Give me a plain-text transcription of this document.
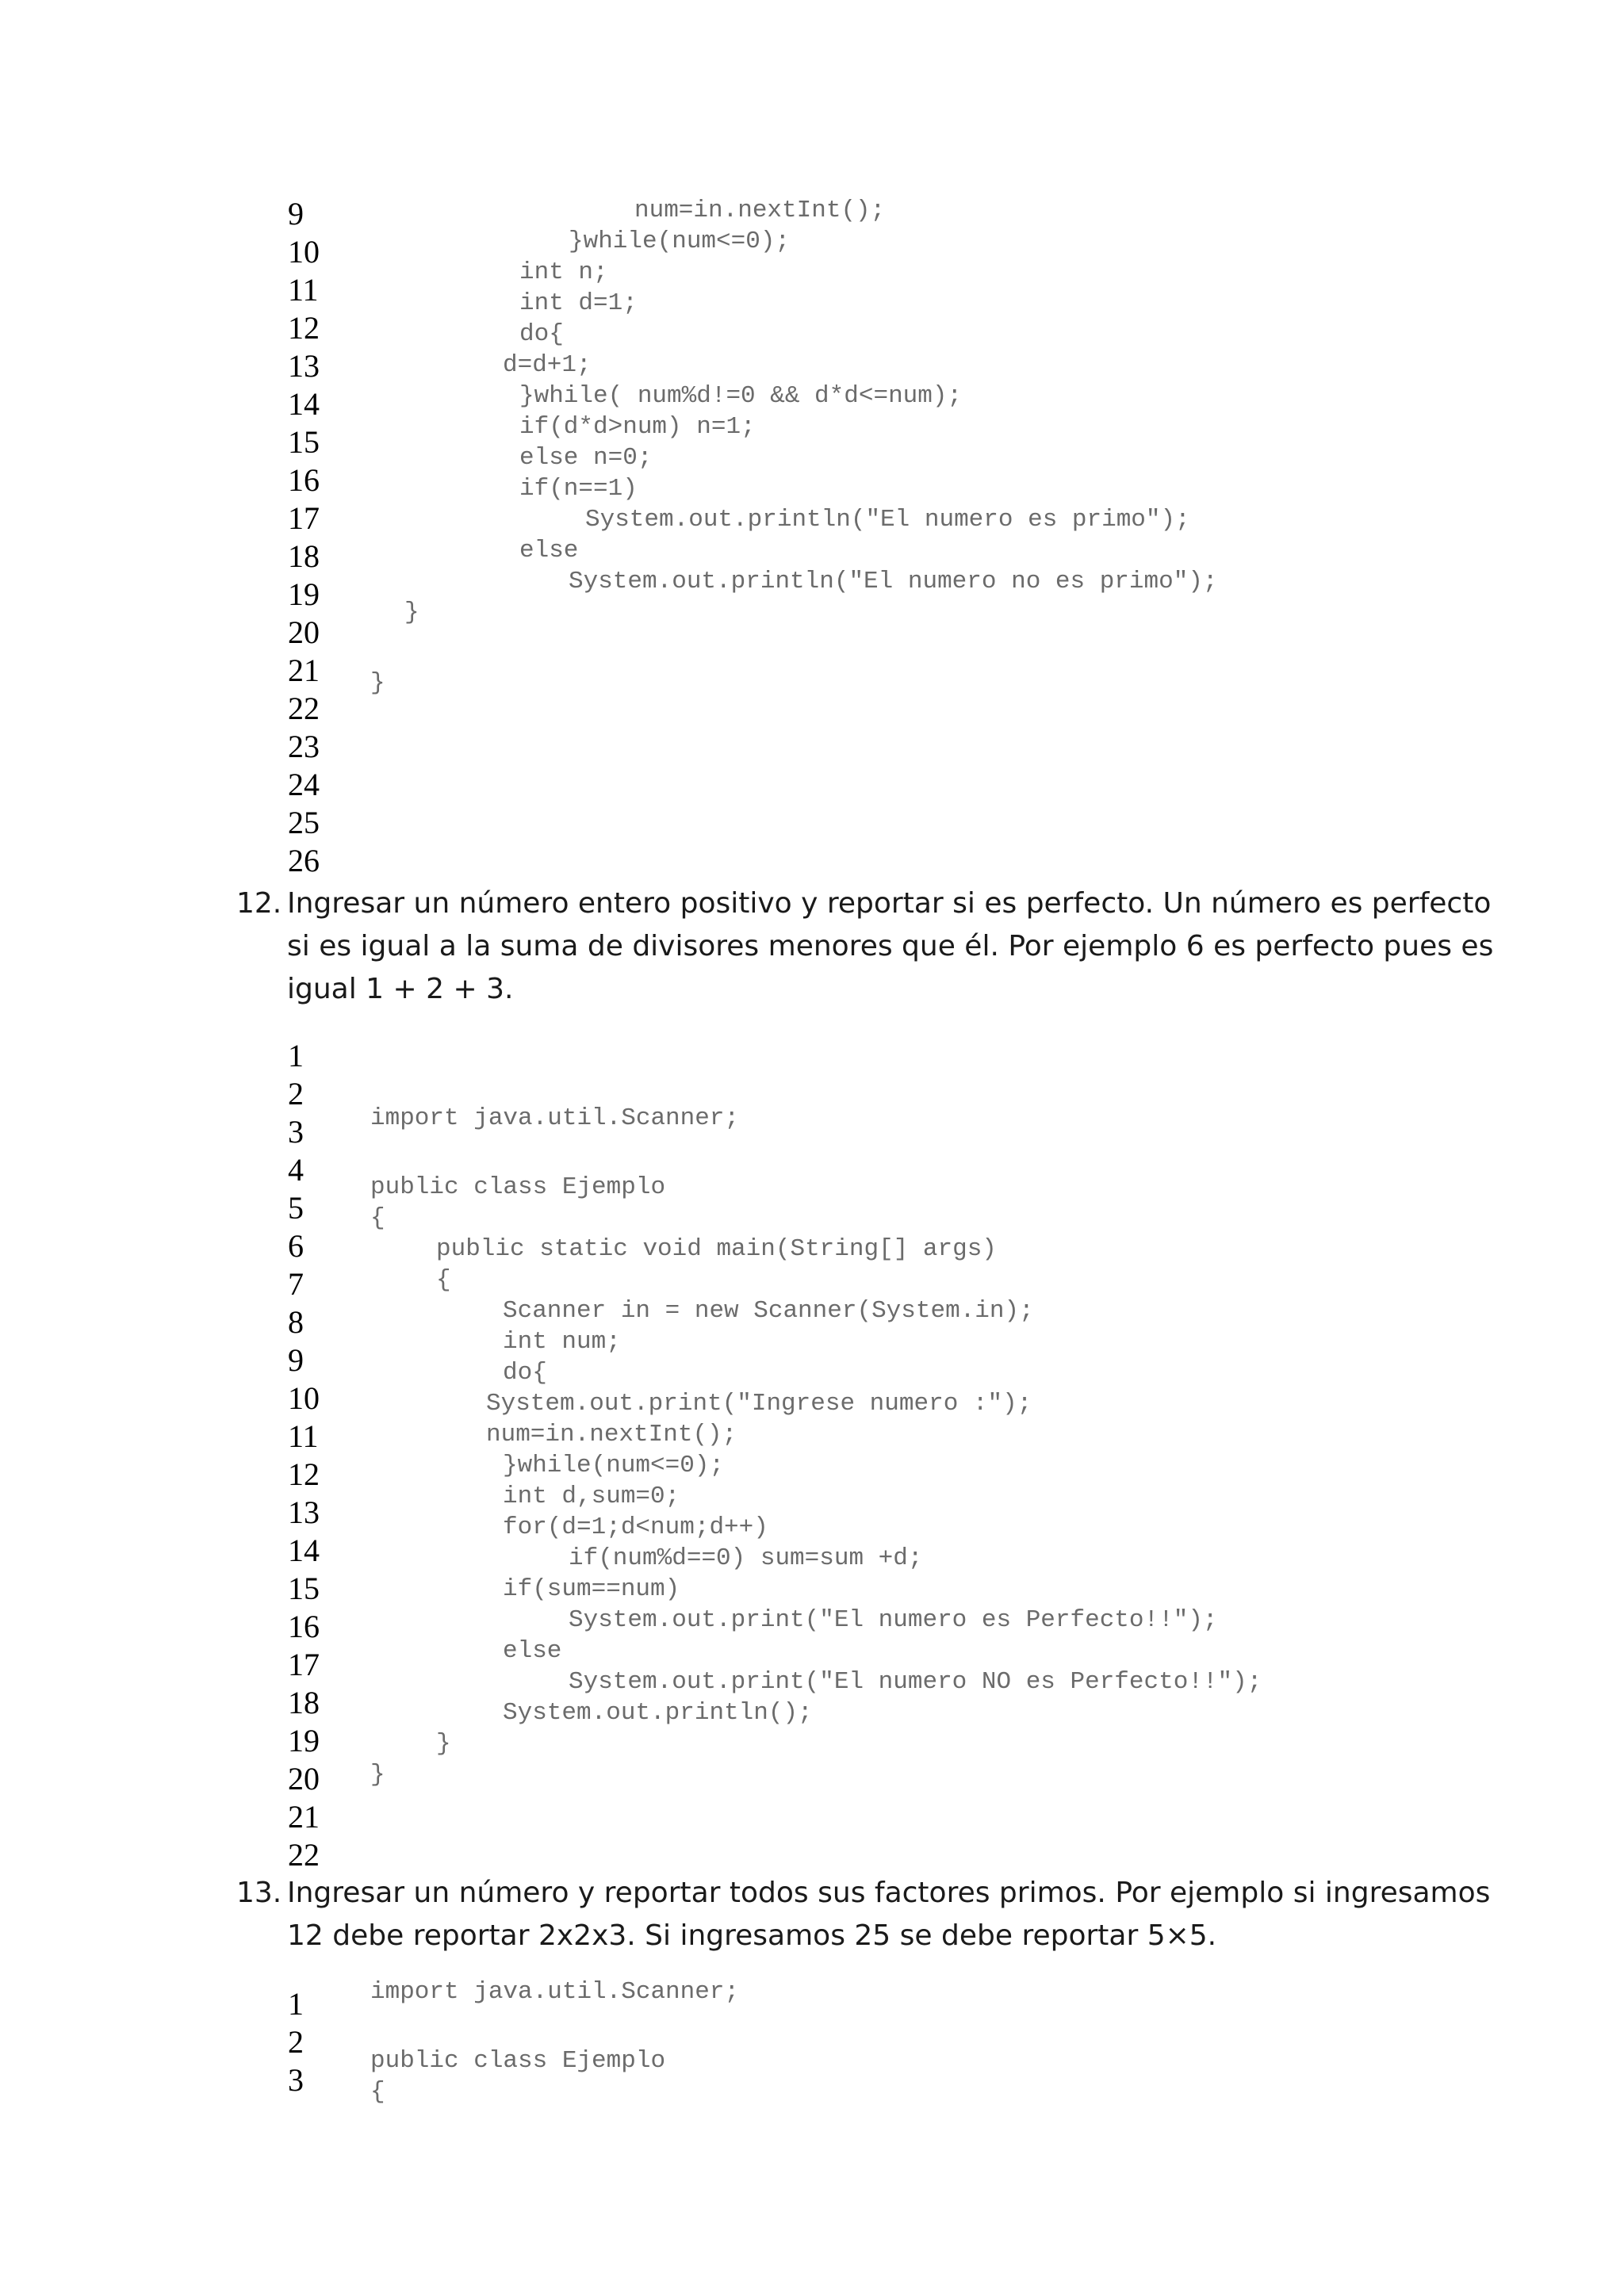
9
10
11
12
13
14
15
16
17
18
19
20
21
22
23
24
25
26
num=in.nextInt();
}while(num<=0);
int n;
int d=1;
do{
d=d+1;
}while( num%d!=0 && d*d<=num);
if(d*d>num) n=1;
else n=0;
if(n==1)
System.out.println("El numero es primo");
else
System.out.println("El numero no es primo");
}
}
12. Ingresar un número entero positivo y reportar si es perfecto. Un número es perfecto
si es igual a la suma de divisores menores que él. Por ejemplo 6 es perfecto pues es
igual 1 + 2 + 3.
1
2
3
4
5
6
7
8
9
10
11
12
13
14
15
16
17
18
19
20
21
22
import java.util.Scanner;
public class Ejemplo
{
public static void main(String[] args)
{
Scanner in = new Scanner(System.in);
int num;
do{
System.out.print("Ingrese numero :");
num=in.nextInt();
}while(num<=0);
int d,sum=0;
for(d=1;d<num;d++)
if(num%d==0) sum=sum +d;
if(sum==num)
System.out.print("El numero es Perfecto!!");
else
System.out.print("El numero NO es Perfecto!!");
System.out.println();
}
}
13. Ingresar un número y reportar todos sus factores primos. Por ejemplo si ingresamos
12 debe reportar 2x2x3. Si ingresamos 25 se debe reportar 5×5.
1
2
3
import java.util.Scanner;
public class Ejemplo
{
